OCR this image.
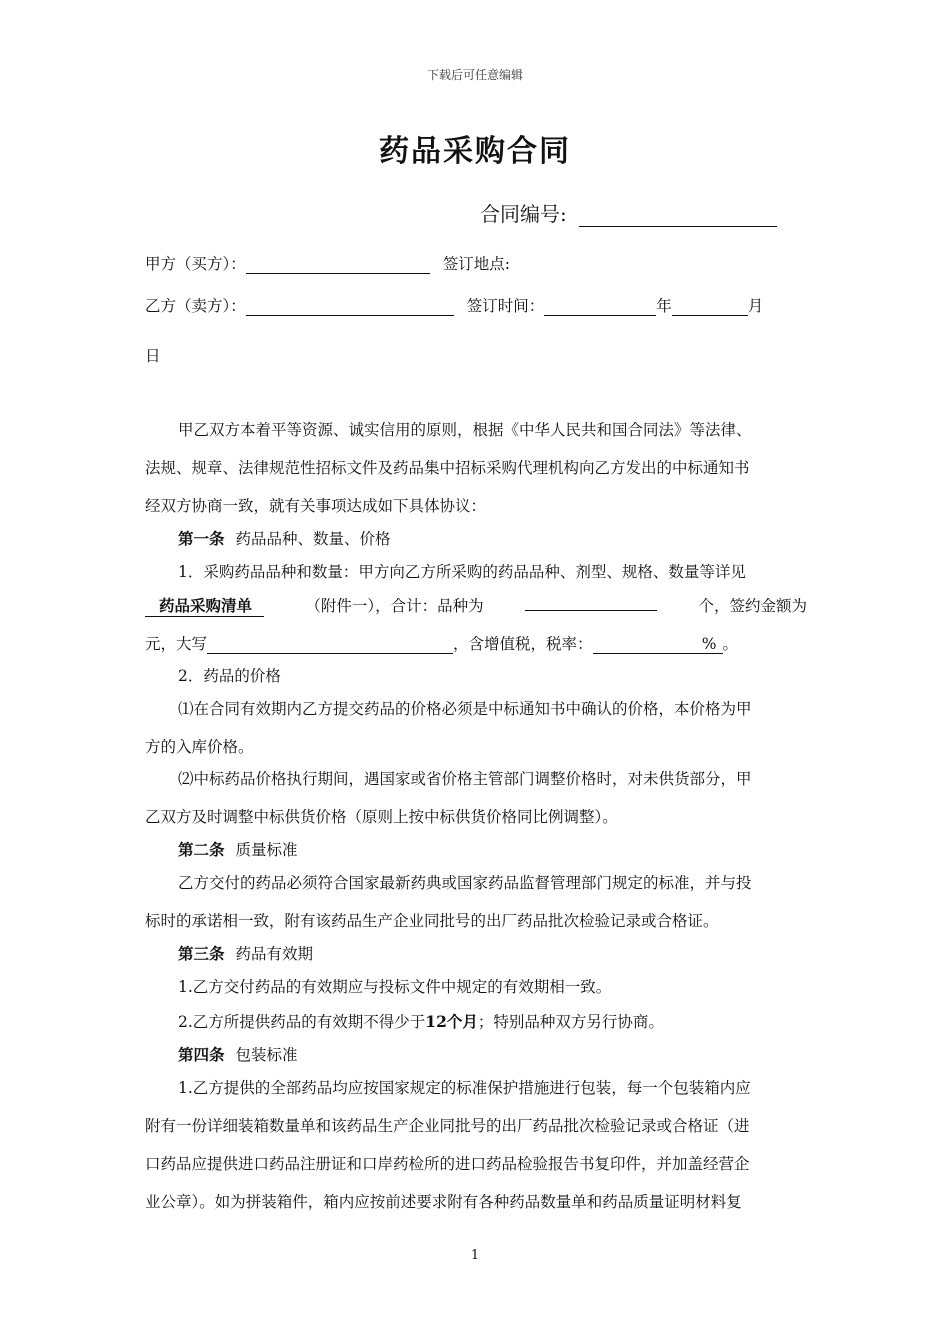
下载后可任意编辑
药品采购合同
合同编号:
甲方（买方）：	签订地点:
乙方（卖方）：	签订时间：	年	月
日
甲乙双方本着平等资源、诚实信用的原则，根据《中华人民共和国合同法》等法律、
法规、规章、法律规范性招标文件及药品集中招标采购代理机构向乙方发出的中标通知书
经双方协商一致，就有关事项达成如下具体协议：
第一条 药品品种、数量、价格
1．采购药品品种和数量：甲方向乙方所采购的药品品种、剂型、规格、数量等详见
药品采购清单	（附件一），合计：品种为	个，签约金额为
元，大写	，含增值税，税率：	% 。
2．药品的价格
⑴在合同有效期内乙方提交药品的价格必须是中标通知书中确认的价格，本价格为甲
方的入库价格。
⑵中标药品价格执行期间，遇国家或省价格主管部门调整价格时，对未供货部分，甲
乙双方及时调整中标供货价格（原则上按中标供货价格同比例调整）。
第二条 质量标准
乙方交付的药品必须符合国家最新药典或国家药品监督管理部门规定的标准，并与投
标时的承诺相一致，附有该药品生产企业同批号的出厂药品批次检验记录或合格证。
第三条 药品有效期
1.乙方交付药品的有效期应与投标文件中规定的有效期相一致。
2.乙方所提供药品的有效期不得少于12个月；特别品种双方另行协商。
第四条 包装标准
1.乙方提供的全部药品均应按国家规定的标准保护措施进行包装，每一个包装箱内应
附有一份详细装箱数量单和该药品生产企业同批号的出厂药品批次检验记录或合格证（进
口药品应提供进口药品注册证和口岸药检所的进口药品检验报告书复印件，并加盖经营企
业公章）。如为拼装箱件，箱内应按前述要求附有各种药品数量单和药品质量证明材料复
1
